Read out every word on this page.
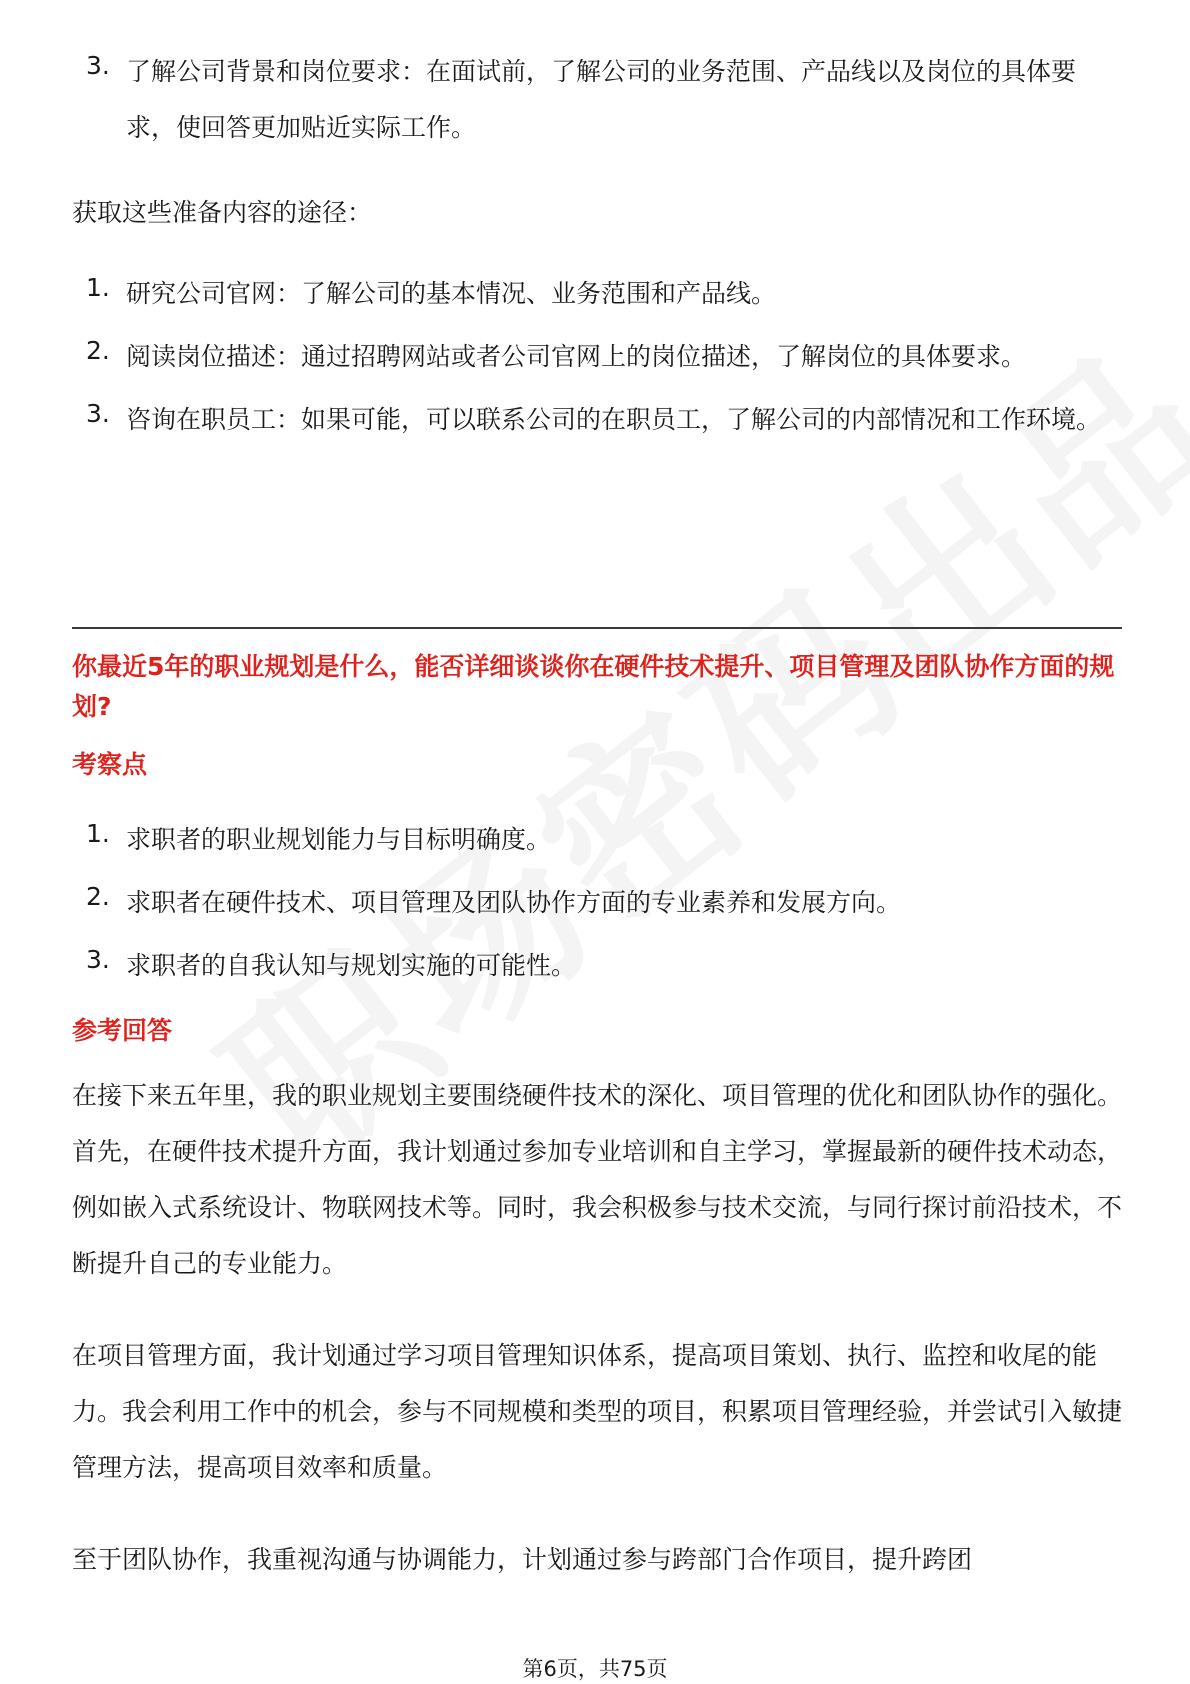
3. 了解公司背景和岗位要求：在面试前，了解公司的业务范围、产品线以及岗位的具体要求，使回答更加贴近实际工作。

获取这些准备内容的途径：

1. 研究公司官网：了解公司的基本情况、业务范围和产品线。
2. 阅读岗位描述：通过招聘网站或者公司官网上的岗位描述，了解岗位的具体要求。
3. 咨询在职员工：如果可能，可以联系公司的在职员工，了解公司的内部情况和工作环境。

你最近5年的职业规划是什么，能否详细谈谈你在硬件技术提升、项目管理及团队协作方面的规划?

考察点

1. 求职者的职业规划能力与目标明确度。
2. 求职者在硬件技术、项目管理及团队协作方面的专业素养和发展方向。
3. 求职者的自我认知与规划实施的可能性。

参考回答

在接下来五年里，我的职业规划主要围绕硬件技术的深化、项目管理的优化和团队协作的强化。首先，在硬件技术提升方面，我计划通过参加专业培训和自主学习，掌握最新的硬件技术动态，例如嵌入式系统设计、物联网技术等。同时，我会积极参与技术交流，与同行探讨前沿技术，不断提升自己的专业能力。

在项目管理方面，我计划通过学习项目管理知识体系，提高项目策划、执行、监控和收尾的能力。我会利用工作中的机会，参与不同规模和类型的项目，积累项目管理经验，并尝试引入敏捷管理方法，提高项目效率和质量。

至于团队协作，我重视沟通与协调能力，计划通过参与跨部门合作项目，提升跨团

第6页，共75页
